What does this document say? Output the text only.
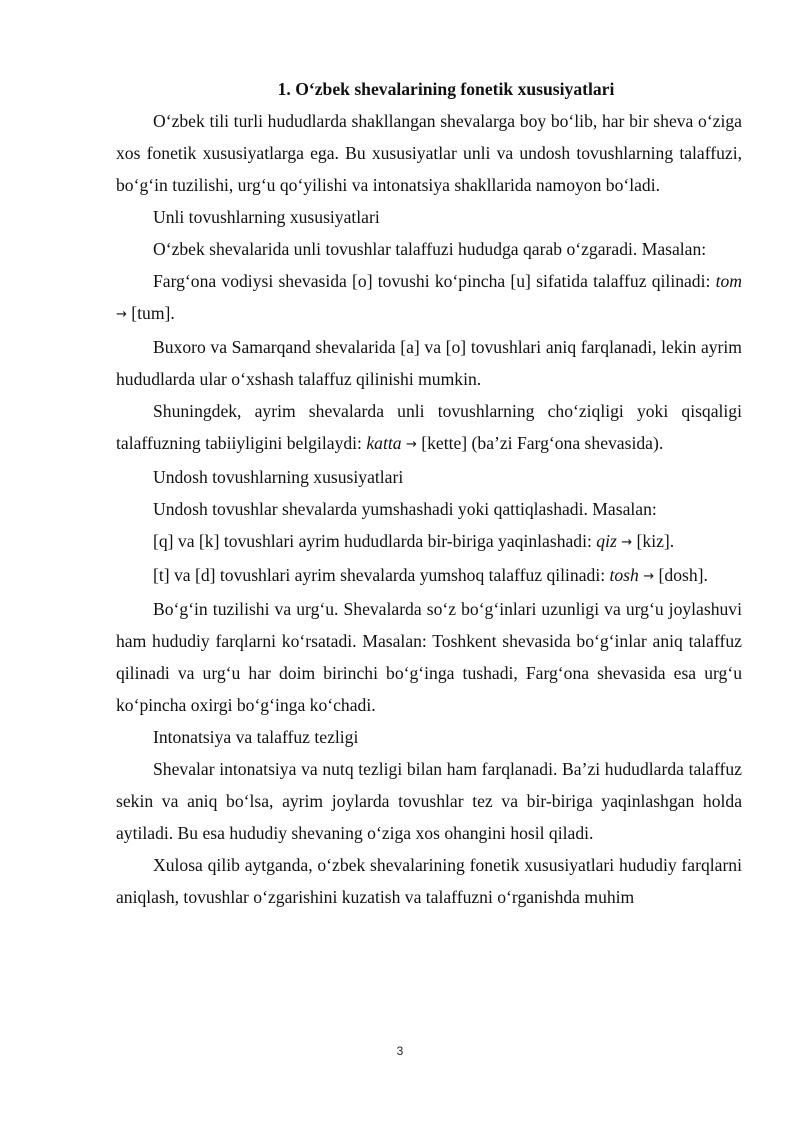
1. O‘zbek shevalarining fonetik xususiyatlari

O‘zbek tili turli hududlarda shakllangan shevalarga boy bo‘lib, har bir sheva o‘ziga xos fonetik xususiyatlarga ega. Bu xususiyatlar unli va undosh tovushlarning talaffuzi, bo‘g‘in tuzilishi, urg‘u qo‘yilishi va intonatsiya shakllarida namoyon bo‘ladi.

Unli tovushlarning xususiyatlari

O‘zbek shevalarida unli tovushlar talaffuzi hududga qarab o‘zgaradi. Masalan:

Farg‘ona vodiysi shevasida [o] tovushi ko‘pincha [u] sifatida talaffuz qilinadi: tom → [tum].

Buxoro va Samarqand shevalarida [a] va [o] tovushlari aniq farqlanadi, lekin ayrim hududlarda ular o‘xshash talaffuz qilinishi mumkin.

Shuningdek, ayrim shevalarda unli tovushlarning cho‘ziqligi yoki qisqaligi talaffuzning tabiiyligini belgilaydi: katta → [kette] (ba’zi Farg‘ona shevasida).

Undosh tovushlarning xususiyatlari

Undosh tovushlar shevalarda yumshashadi yoki qattiqlashadi. Masalan:

[q] va [k] tovushlari ayrim hududlarda bir-biriga yaqinlashadi: qiz → [kiz].

[t] va [d] tovushlari ayrim shevalarda yumshoq talaffuz qilinadi: tosh → [dosh].

Bo‘g‘in tuzilishi va urg‘u. Shevalarda so‘z bo‘g‘inlari uzunligi va urg‘u joylashuvi ham hududiy farqlarni ko‘rsatadi. Masalan: Toshkent shevasida bo‘g‘inlar aniq talaffuz qilinadi va urg‘u har doim birinchi bo‘g‘inga tushadi, Farg‘ona shevasida esa urg‘u ko‘pincha oxirgi bo‘g‘inga ko‘chadi.

Intonatsiya va talaffuz tezligi

Shevalar intonatsiya va nutq tezligi bilan ham farqlanadi. Ba’zi hududlarda talaffuz sekin va aniq bo‘lsa, ayrim joylarda tovushlar tez va bir-biriga yaqinlashgan holda aytiladi. Bu esa hududiy shevaning o‘ziga xos ohangini hosil qiladi.

Xulosa qilib aytganda, o‘zbek shevalarining fonetik xususiyatlari hududiy farqlarni aniqlash, tovushlar o‘zgarishini kuzatish va talaffuzni o‘rganishda muhim

3
